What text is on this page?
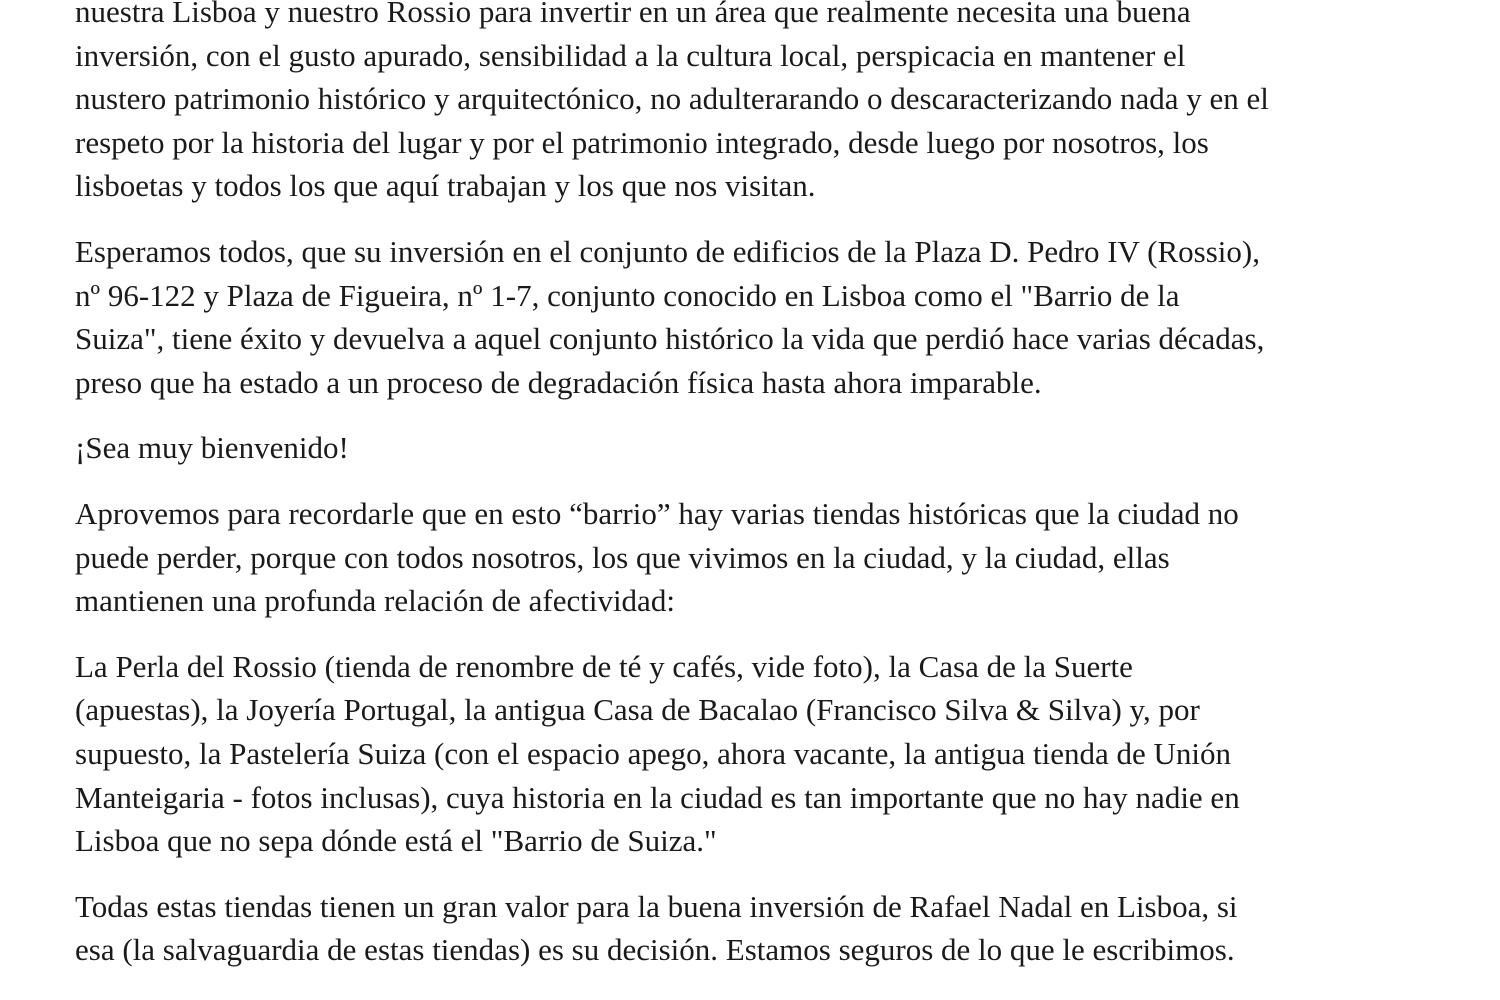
nuestra Lisboa y nuestro Rossio para invertir en un área que realmente necesita una buena
inversión, con el gusto apurado, sensibilidad a la cultura local, perspicacia en mantener el
nustero patrimonio histórico y arquitectónico, no adulterarando o descaracterizando nada y en el
respeto por la historia del lugar y por el patrimonio integrado, desde luego por nosotros, los
lisboetas y todos los que aquí trabajan y los que nos visitan.

Esperamos todos, que su inversión en el conjunto de edificios de la Plaza D. Pedro IV (Rossio),
nº 96-122 y Plaza de Figueira, nº 1-7, conjunto conocido en Lisboa como el "Barrio de la
Suiza", tiene éxito y devuelva a aquel conjunto histórico la vida que perdió hace varias décadas,
preso que ha estado a un proceso de degradación física hasta ahora imparable.

¡Sea muy bienvenido!

Aprovemos para recordarle que en esto “barrio” hay varias tiendas históricas que la ciudad no
puede perder, porque con todos nosotros, los que vivimos en la ciudad, y la ciudad, ellas
mantienen una profunda relación de afectividad:

La Perla del Rossio (tienda de renombre de té y cafés, vide foto), la Casa de la Suerte
(apuestas), la Joyería Portugal, la antigua Casa de Bacalao (Francisco Silva & Silva) y, por
supuesto, la Pastelería Suiza (con el espacio apego, ahora vacante, la antigua tienda de Unión
Manteigaria - fotos inclusas), cuya historia en la ciudad es tan importante que no hay nadie en
Lisboa que no sepa dónde está el "Barrio de Suiza."

Todas estas tiendas tienen un gran valor para la buena inversión de Rafael Nadal en Lisboa, si
esa (la salvaguardia de estas tiendas) es su decisión. Estamos seguros de lo que le escribimos.
